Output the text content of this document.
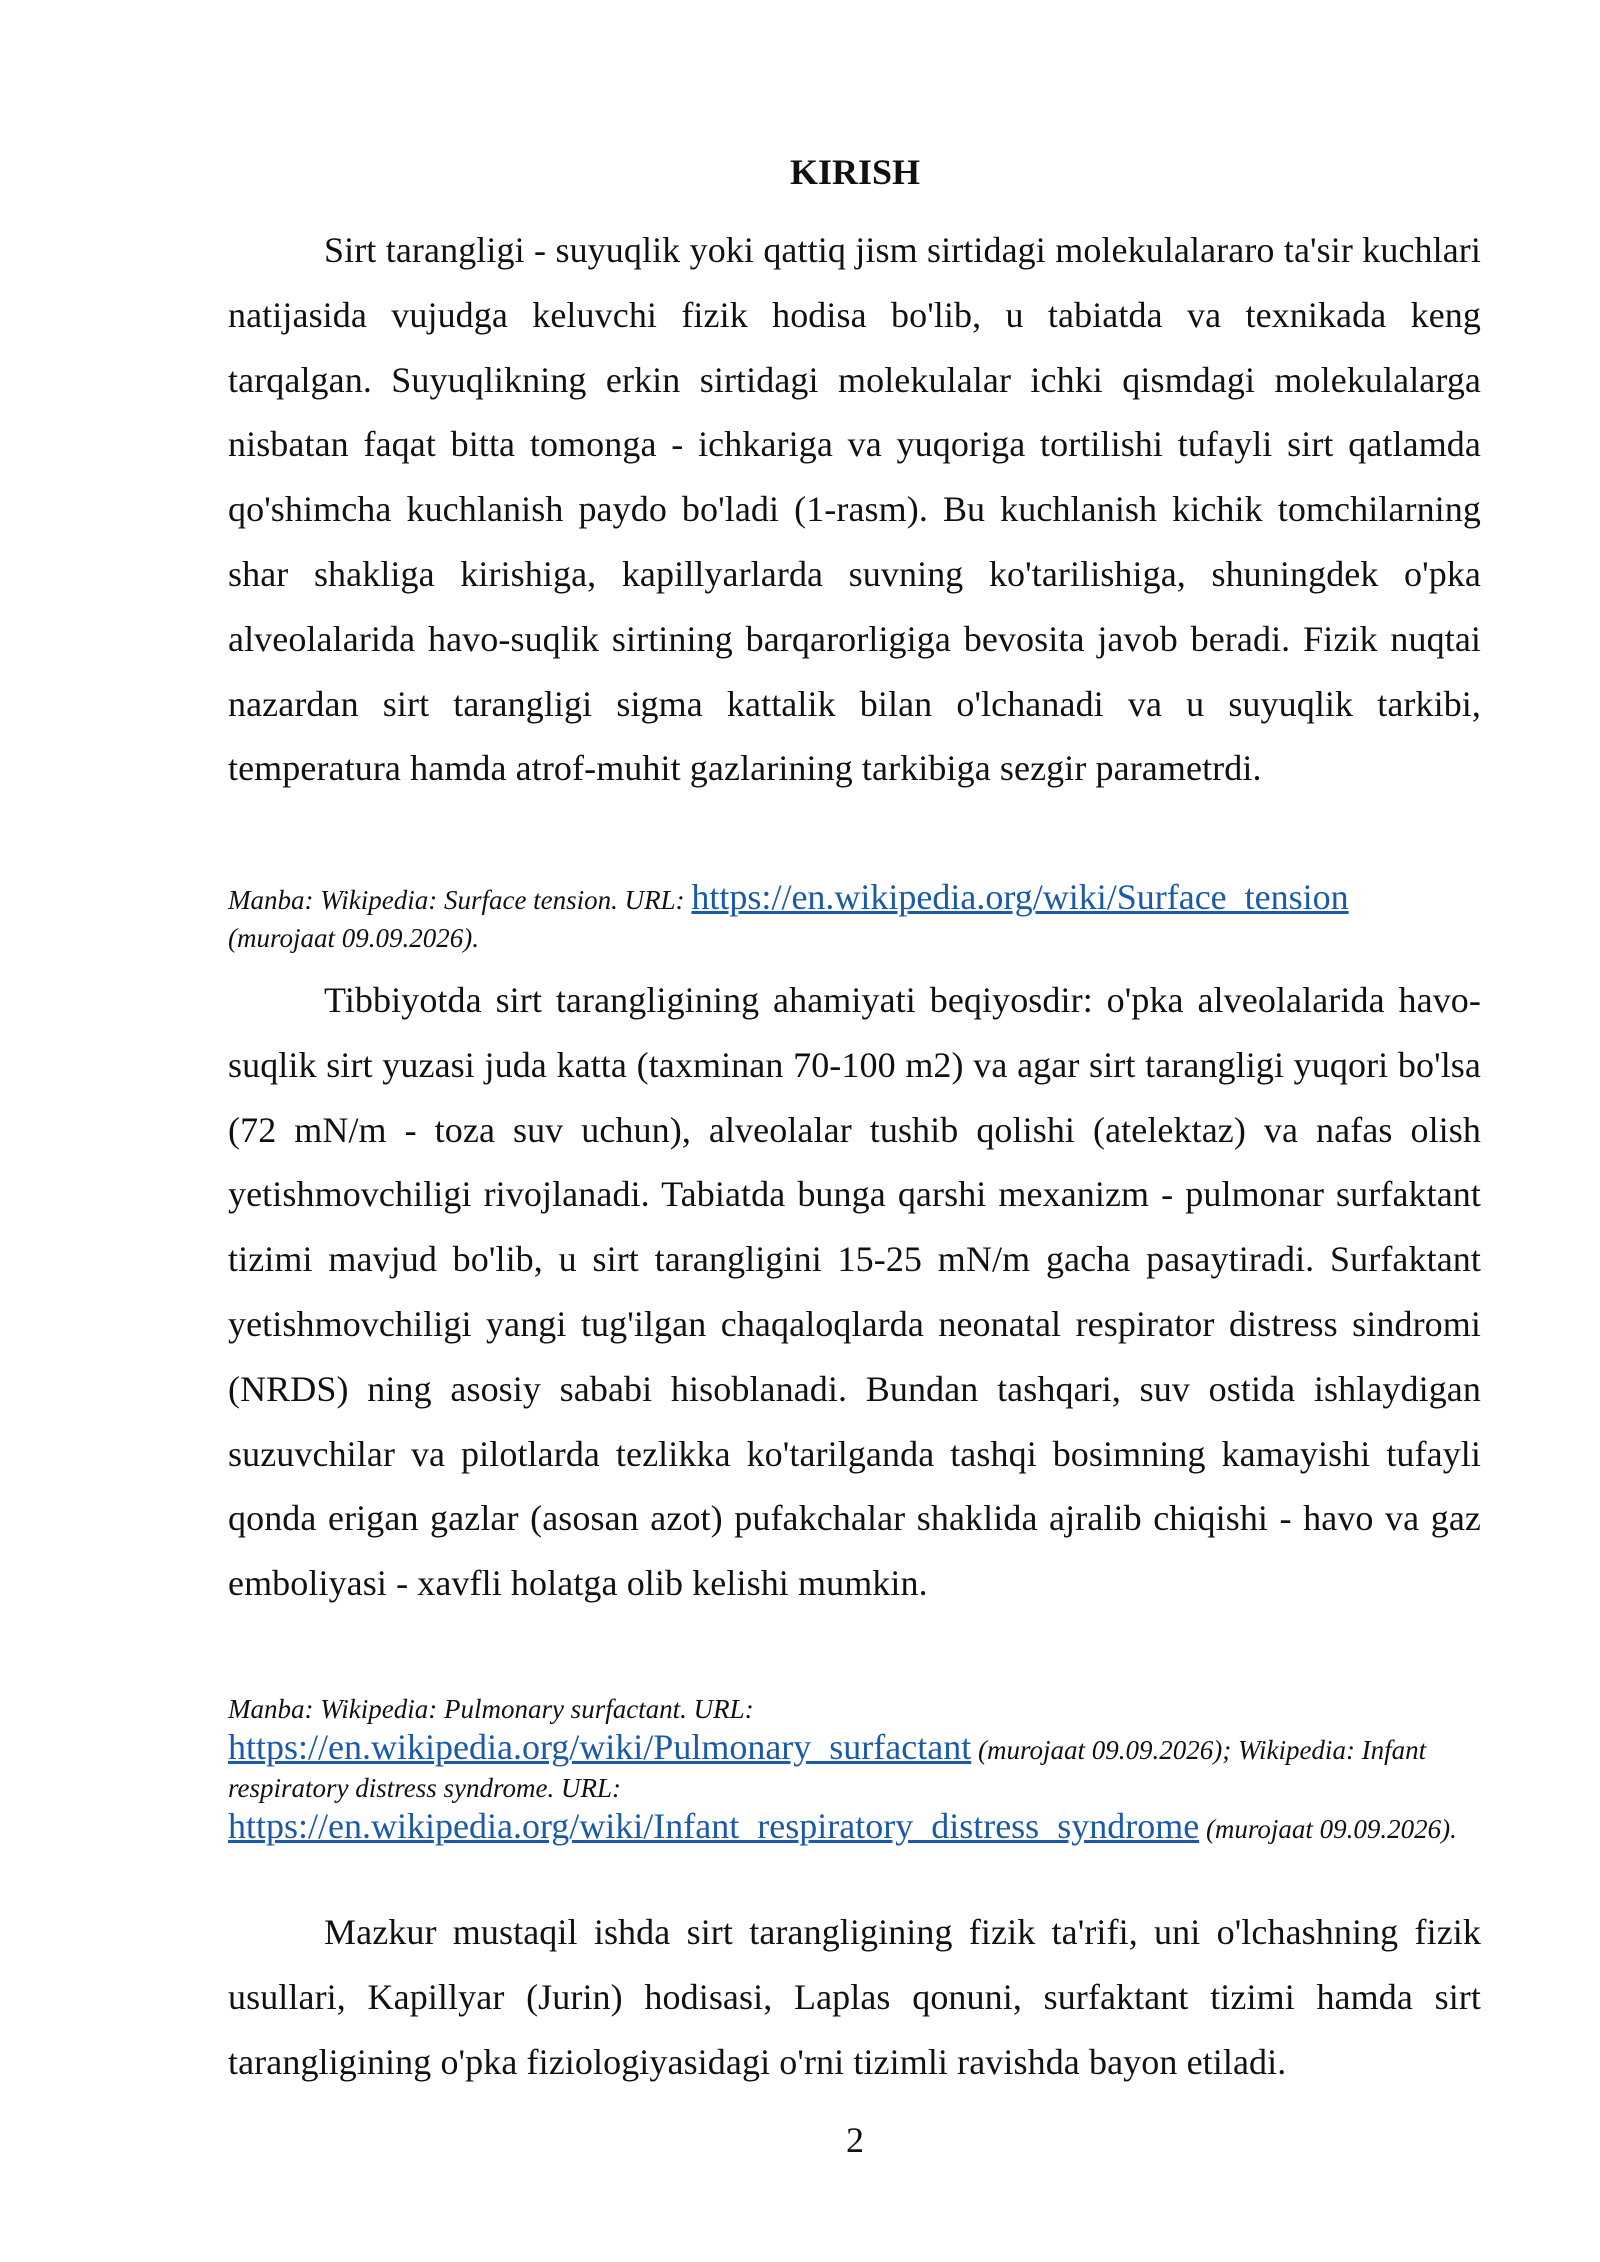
KIRISH

Sirt tarangligi - suyuqlik yoki qattiq jism sirtidagi molekulalararo ta'sir kuchlari natijasida vujudga keluvchi fizik hodisa bo'lib, u tabiatda va texnikada keng tarqalgan. Suyuqlikning erkin sirtidagi molekulalar ichki qismdagi molekulalarga nisbatan faqat bitta tomonga - ichkariga va yuqoriga tortilishi tufayli sirt qatlamda qo'shimcha kuchlanish paydo bo'ladi (1-rasm). Bu kuchlanish kichik tomchilarning shar shakliga kirishiga, kapillyarlarda suvning ko'tarilishiga, shuningdek o'pka alveolalarida havo-suqlik sirtining barqarorligiga bevosita javob beradi. Fizik nuqtai nazardan sirt tarangligi sigma kattalik bilan o'lchanadi va u suyuqlik tarkibi, temperatura hamda atrof-muhit gazlarining tarkibiga sezgir parametrdi.

Manba: Wikipedia: Surface tension. URL: https://en.wikipedia.org/wiki/Surface_tension
(murojaat 09.09.2026).

Tibbiyotda sirt tarangligining ahamiyati beqiyosdir: o'pka alveolalarida havo-suqlik sirt yuzasi juda katta (taxminan 70-100 m2) va agar sirt tarangligi yuqori bo'lsa (72 mN/m - toza suv uchun), alveolalar tushib qolishi (atelektaz) va nafas olish yetishmovchiligi rivojlanadi. Tabiatda bunga qarshi mexanizm - pulmonar surfaktant tizimi mavjud bo'lib, u sirt tarangligini 15-25 mN/m gacha pasaytiradi. Surfaktant yetishmovchiligi yangi tug'ilgan chaqaloqlarda neonatal respirator distress sindromi (NRDS) ning asosiy sababi hisoblanadi. Bundan tashqari, suv ostida ishlaydigan suzuvchilar va pilotlarda tezlikka ko'tarilganda tashqi bosimning kamayishi tufayli qonda erigan gazlar (asosan azot) pufakchalar shaklida ajralib chiqishi - havo va gaz emboliyasi - xavfli holatga olib kelishi mumkin.

Manba: Wikipedia: Pulmonary surfactant. URL:
https://en.wikipedia.org/wiki/Pulmonary_surfactant (murojaat 09.09.2026); Wikipedia: Infant respiratory distress syndrome. URL: https://en.wikipedia.org/wiki/Infant_respiratory_distress_syndrome (murojaat 09.09.2026).

Mazkur mustaqil ishda sirt tarangligining fizik ta'rifi, uni o'lchashning fizik usullari, Kapillyar (Jurin) hodisasi, Laplas qonuni, surfaktant tizimi hamda sirt tarangligining o'pka fiziologiyasidagi o'rni tizimli ravishda bayon etiladi.

2
